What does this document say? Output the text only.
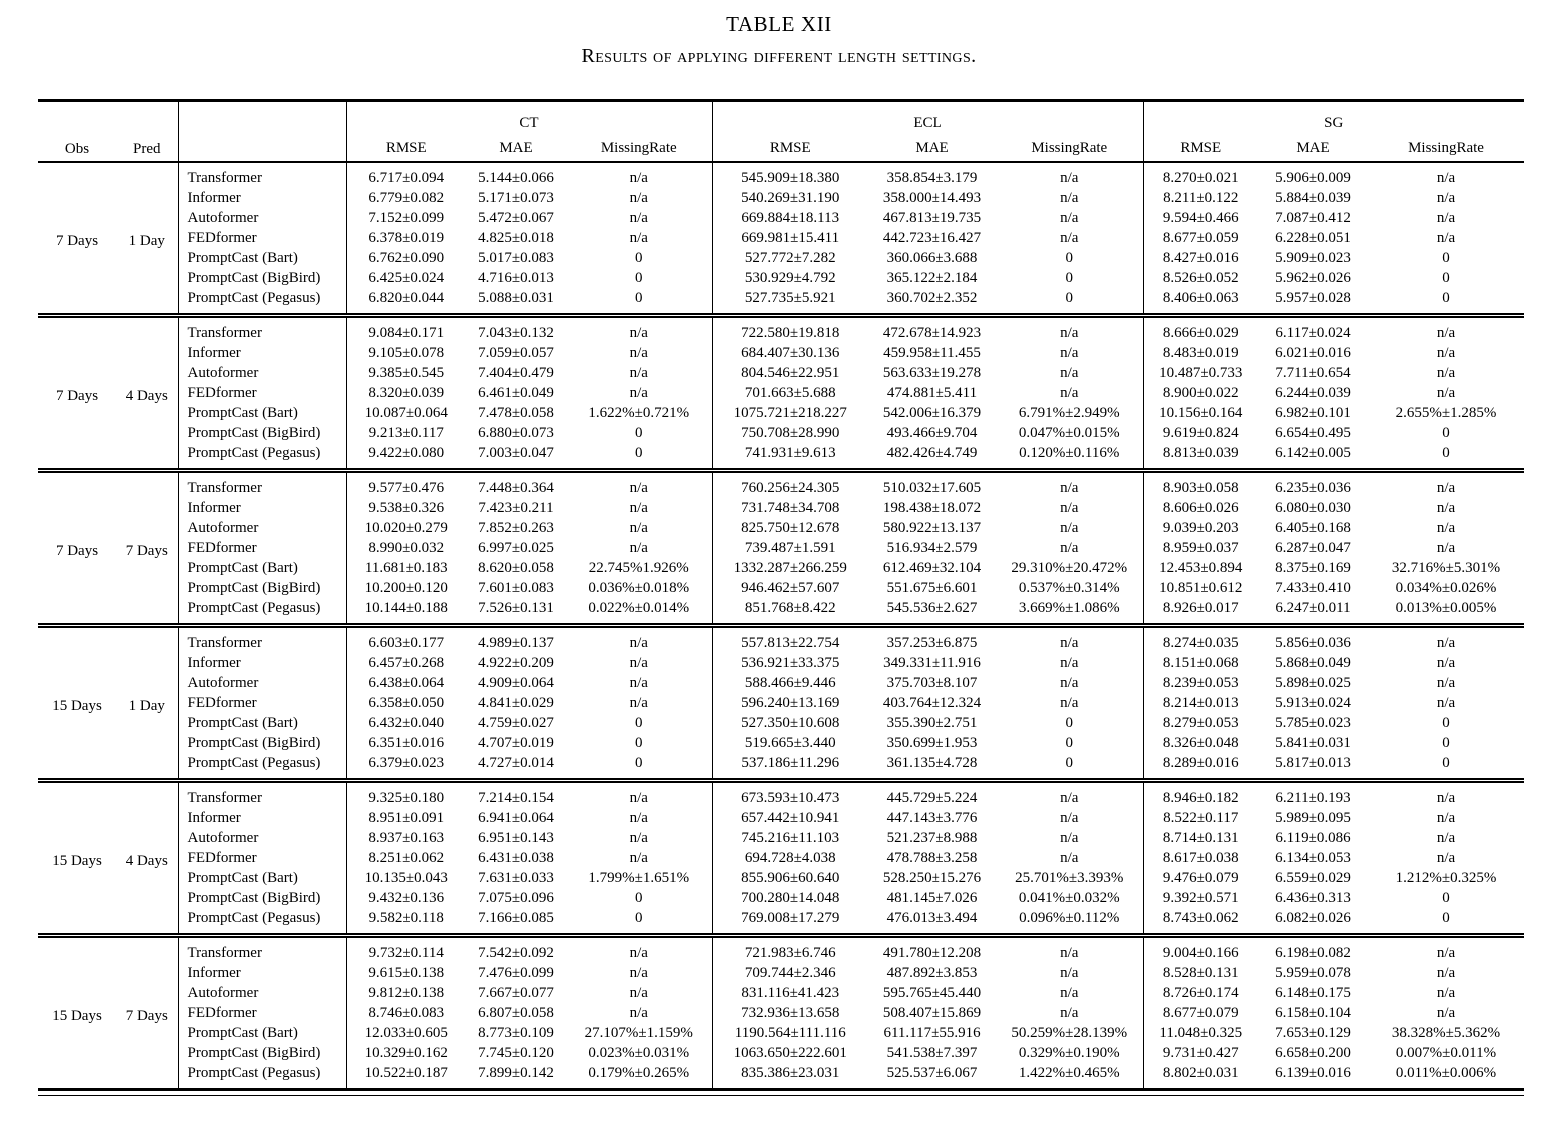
TABLE XII
Results of applying different length settings.
Obs	Pred		CT			ECL			SG		
			RMSE	MAE	MissingRate	RMSE	MAE	MissingRate	RMSE	MAE	MissingRate
7 Days	1 Day	Transformer	6.717±0.094	5.144±0.066	n/a	545.909±18.380	358.854±3.179	n/a	8.270±0.021	5.906±0.009	n/a
		Informer	6.779±0.082	5.171±0.073	n/a	540.269±31.190	358.000±14.493	n/a	8.211±0.122	5.884±0.039	n/a
		Autoformer	7.152±0.099	5.472±0.067	n/a	669.884±18.113	467.813±19.735	n/a	9.594±0.466	7.087±0.412	n/a
		FEDformer	6.378±0.019	4.825±0.018	n/a	669.981±15.411	442.723±16.427	n/a	8.677±0.059	6.228±0.051	n/a
		PromptCast (Bart)	6.762±0.090	5.017±0.083	0	527.772±7.282	360.066±3.688	0	8.427±0.016	5.909±0.023	0
		PromptCast (BigBird)	6.425±0.024	4.716±0.013	0	530.929±4.792	365.122±2.184	0	8.526±0.052	5.962±0.026	0
		PromptCast (Pegasus)	6.820±0.044	5.088±0.031	0	527.735±5.921	360.702±2.352	0	8.406±0.063	5.957±0.028	0
7 Days	4 Days	Transformer	9.084±0.171	7.043±0.132	n/a	722.580±19.818	472.678±14.923	n/a	8.666±0.029	6.117±0.024	n/a
		Informer	9.105±0.078	7.059±0.057	n/a	684.407±30.136	459.958±11.455	n/a	8.483±0.019	6.021±0.016	n/a
		Autoformer	9.385±0.545	7.404±0.479	n/a	804.546±22.951	563.633±19.278	n/a	10.487±0.733	7.711±0.654	n/a
		FEDformer	8.320±0.039	6.461±0.049	n/a	701.663±5.688	474.881±5.411	n/a	8.900±0.022	6.244±0.039	n/a
		PromptCast (Bart)	10.087±0.064	7.478±0.058	1.622%±0.721%	1075.721±218.227	542.006±16.379	6.791%±2.949%	10.156±0.164	6.982±0.101	2.655%±1.285%
		PromptCast (BigBird)	9.213±0.117	6.880±0.073	0	750.708±28.990	493.466±9.704	0.047%±0.015%	9.619±0.824	6.654±0.495	0
		PromptCast (Pegasus)	9.422±0.080	7.003±0.047	0	741.931±9.613	482.426±4.749	0.120%±0.116%	8.813±0.039	6.142±0.005	0
7 Days	7 Days	Transformer	9.577±0.476	7.448±0.364	n/a	760.256±24.305	510.032±17.605	n/a	8.903±0.058	6.235±0.036	n/a
		Informer	9.538±0.326	7.423±0.211	n/a	731.748±34.708	198.438±18.072	n/a	8.606±0.026	6.080±0.030	n/a
		Autoformer	10.020±0.279	7.852±0.263	n/a	825.750±12.678	580.922±13.137	n/a	9.039±0.203	6.405±0.168	n/a
		FEDformer	8.990±0.032	6.997±0.025	n/a	739.487±1.591	516.934±2.579	n/a	8.959±0.037	6.287±0.047	n/a
		PromptCast (Bart)	11.681±0.183	8.620±0.058	22.745%1.926%	1332.287±266.259	612.469±32.104	29.310%±20.472%	12.453±0.894	8.375±0.169	32.716%±5.301%
		PromptCast (BigBird)	10.200±0.120	7.601±0.083	0.036%±0.018%	946.462±57.607	551.675±6.601	0.537%±0.314%	10.851±0.612	7.433±0.410	0.034%±0.026%
		PromptCast (Pegasus)	10.144±0.188	7.526±0.131	0.022%±0.014%	851.768±8.422	545.536±2.627	3.669%±1.086%	8.926±0.017	6.247±0.011	0.013%±0.005%
15 Days	1 Day	Transformer	6.603±0.177	4.989±0.137	n/a	557.813±22.754	357.253±6.875	n/a	8.274±0.035	5.856±0.036	n/a
		Informer	6.457±0.268	4.922±0.209	n/a	536.921±33.375	349.331±11.916	n/a	8.151±0.068	5.868±0.049	n/a
		Autoformer	6.438±0.064	4.909±0.064	n/a	588.466±9.446	375.703±8.107	n/a	8.239±0.053	5.898±0.025	n/a
		FEDformer	6.358±0.050	4.841±0.029	n/a	596.240±13.169	403.764±12.324	n/a	8.214±0.013	5.913±0.024	n/a
		PromptCast (Bart)	6.432±0.040	4.759±0.027	0	527.350±10.608	355.390±2.751	0	8.279±0.053	5.785±0.023	0
		PromptCast (BigBird)	6.351±0.016	4.707±0.019	0	519.665±3.440	350.699±1.953	0	8.326±0.048	5.841±0.031	0
		PromptCast (Pegasus)	6.379±0.023	4.727±0.014	0	537.186±11.296	361.135±4.728	0	8.289±0.016	5.817±0.013	0
15 Days	4 Days	Transformer	9.325±0.180	7.214±0.154	n/a	673.593±10.473	445.729±5.224	n/a	8.946±0.182	6.211±0.193	n/a
		Informer	8.951±0.091	6.941±0.064	n/a	657.442±10.941	447.143±3.776	n/a	8.522±0.117	5.989±0.095	n/a
		Autoformer	8.937±0.163	6.951±0.143	n/a	745.216±11.103	521.237±8.988	n/a	8.714±0.131	6.119±0.086	n/a
		FEDformer	8.251±0.062	6.431±0.038	n/a	694.728±4.038	478.788±3.258	n/a	8.617±0.038	6.134±0.053	n/a
		PromptCast (Bart)	10.135±0.043	7.631±0.033	1.799%±1.651%	855.906±60.640	528.250±15.276	25.701%±3.393%	9.476±0.079	6.559±0.029	1.212%±0.325%
		PromptCast (BigBird)	9.432±0.136	7.075±0.096	0	700.280±14.048	481.145±7.026	0.041%±0.032%	9.392±0.571	6.436±0.313	0
		PromptCast (Pegasus)	9.582±0.118	7.166±0.085	0	769.008±17.279	476.013±3.494	0.096%±0.112%	8.743±0.062	6.082±0.026	0
15 Days	7 Days	Transformer	9.732±0.114	7.542±0.092	n/a	721.983±6.746	491.780±12.208	n/a	9.004±0.166	6.198±0.082	n/a
		Informer	9.615±0.138	7.476±0.099	n/a	709.744±2.346	487.892±3.853	n/a	8.528±0.131	5.959±0.078	n/a
		Autoformer	9.812±0.138	7.667±0.077	n/a	831.116±41.423	595.765±45.440	n/a	8.726±0.174	6.148±0.175	n/a
		FEDformer	8.746±0.083	6.807±0.058	n/a	732.936±13.658	508.407±15.869	n/a	8.677±0.079	6.158±0.104	n/a
		PromptCast (Bart)	12.033±0.605	8.773±0.109	27.107%±1.159%	1190.564±111.116	611.117±55.916	50.259%±28.139%	11.048±0.325	7.653±0.129	38.328%±5.362%
		PromptCast (BigBird)	10.329±0.162	7.745±0.120	0.023%±0.031%	1063.650±222.601	541.538±7.397	0.329%±0.190%	9.731±0.427	6.658±0.200	0.007%±0.011%
		PromptCast (Pegasus)	10.522±0.187	7.899±0.142	0.179%±0.265%	835.386±23.031	525.537±6.067	1.422%±0.465%	8.802±0.031	6.139±0.016	0.011%±0.006%
